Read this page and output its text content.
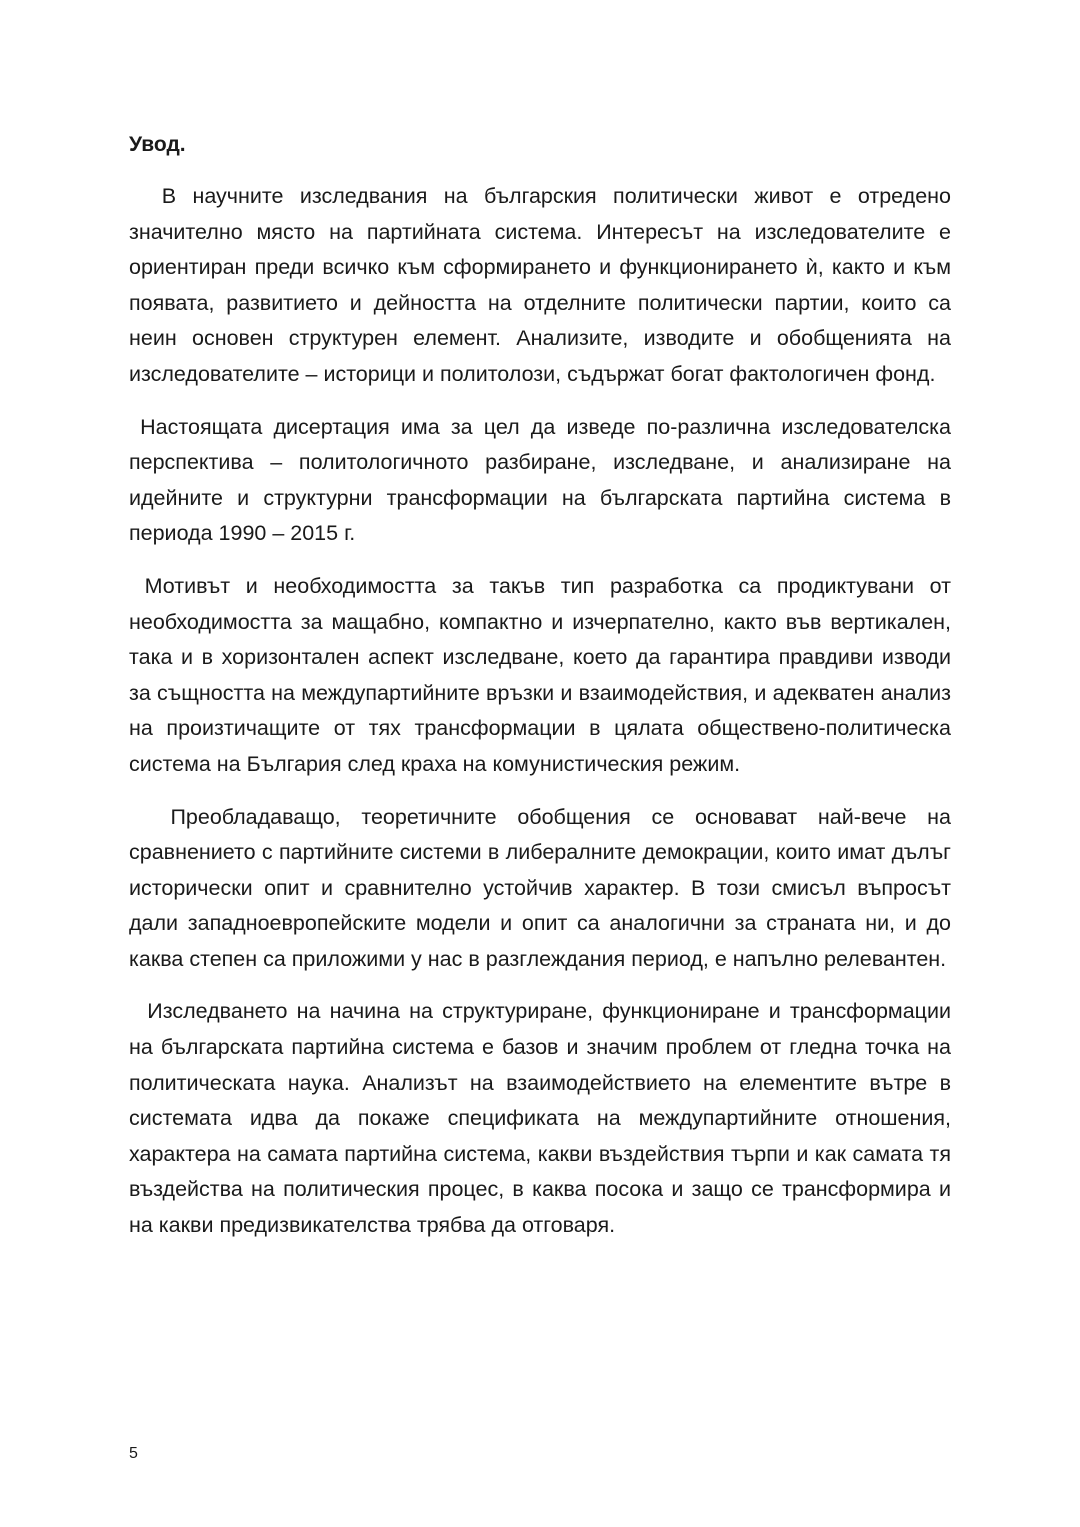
Увод.

В научните изследвания на българския политически живот е отредено значително място на партийната система. Интересът на изследователите е ориентиран преди всичко към сформирането и функционирането ѝ, както и към появата, развитието и дейността на отделните политически партии, които са неин основен структурен елемент. Анализите, изводите и обобщенията на изследователите – историци и политолози, съдържат богат фактологичен фонд.

Настоящата дисертация има за цел да изведе по-различна изследователска перспектива – политологичното разбиране, изследване, и анализиране на идейните и структурни трансформации на българската партийна система в периода 1990 – 2015 г.

Мотивът и необходимостта за такъв тип разработка са продиктувани от необходимостта за мащабно, компактно и изчерпателно, както във вертикален, така и в хоризонтален аспект изследване, което да гарантира правдиви изводи за същността на междупартийните връзки и взаимодействия, и адекватен анализ на произтичащите от тях трансформации в цялата обществено-политическа система на България след краха на комунистическия режим.

Преобладаващо, теоретичните обобщения се основават най-вече на сравнението с партийните системи в либералните демокрации, които имат дълъг исторически опит и сравнително устойчив характер. В този смисъл въпросът дали западноевропейските модели и опит са аналогични за страната ни, и до каква степен са приложими у нас в разглеждания период, е напълно релевантен.

Изследването на начина на структуриране, функциониране и трансформации на българската партийна система е базов и значим проблем от гледна точка на политическата наука. Анализът на взаимодействието на елементите вътре в системата идва да покаже спецификата на междупартийните отношения, характера на самата партийна система, какви въздействия търпи и как самата тя въздейства на политическия процес, в каква посока и защо се трансформира и на какви предизвикателства трябва да отговаря.

5
